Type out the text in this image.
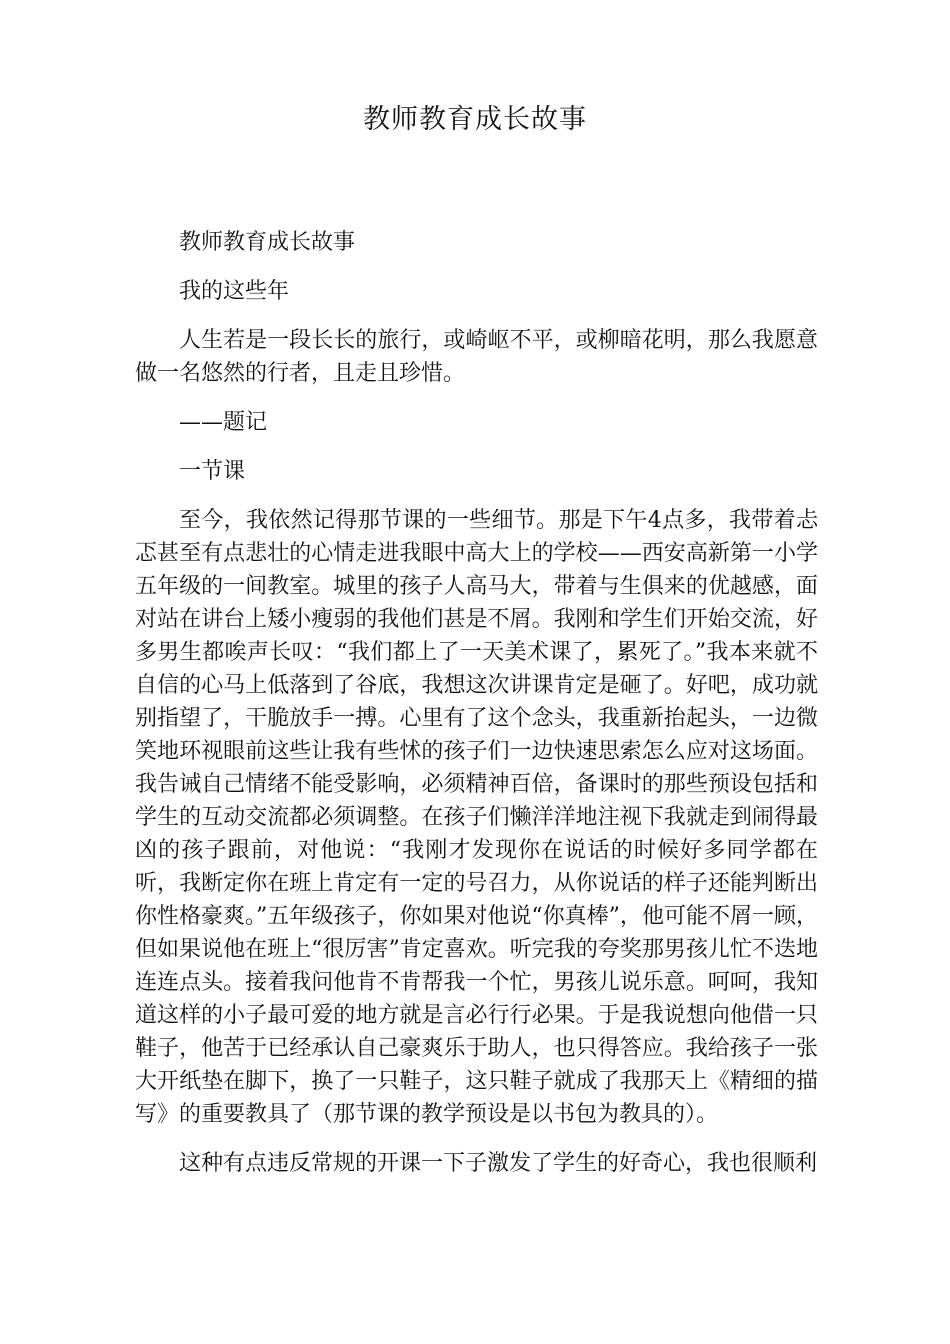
教师教育成长故事

教师教育成长故事

我的这些年

人生若是一段长长的旅行，或崎岖不平，或柳暗花明，那么我愿意做一名悠然的行者，且走且珍惜。

——题记

一节课

至今，我依然记得那节课的一些细节。那是下午4点多，我带着忐忑甚至有点悲壮的心情走进我眼中高大上的学校——西安高新第一小学五年级的一间教室。城里的孩子人高马大，带着与生俱来的优越感，面对站在讲台上矮小瘦弱的我他们甚是不屑。我刚和学生们开始交流，好多男生都唉声长叹：“我们都上了一天美术课了，累死了。”我本来就不自信的心马上低落到了谷底，我想这次讲课肯定是砸了。好吧，成功就别指望了，干脆放手一搏。心里有了这个念头，我重新抬起头，一边微笑地环视眼前这些让我有些怵的孩子们一边快速思索怎么应对这场面。我告诫自己情绪不能受影响，必须精神百倍，备课时的那些预设包括和学生的互动交流都必须调整。在孩子们懒洋洋地注视下我就走到闹得最凶的孩子跟前，对他说：“我刚才发现你在说话的时候好多同学都在听，我断定你在班上肯定有一定的号召力，从你说话的样子还能判断出你性格豪爽。”五年级孩子，你如果对他说“你真棒”，他可能不屑一顾，但如果说他在班上“很厉害”肯定喜欢。听完我的夸奖那男孩儿忙不迭地连连点头。接着我问他肯不肯帮我一个忙，男孩儿说乐意。呵呵，我知道这样的小子最可爱的地方就是言必行行必果。于是我说想向他借一只鞋子，他苦于已经承认自己豪爽乐于助人，也只得答应。我给孩子一张大开纸垫在脚下，换了一只鞋子，这只鞋子就成了我那天上《精细的描写》的重要教具了（那节课的教学预设是以书包为教具的）。

这种有点违反常规的开课一下子激发了学生的好奇心，我也很顺利
